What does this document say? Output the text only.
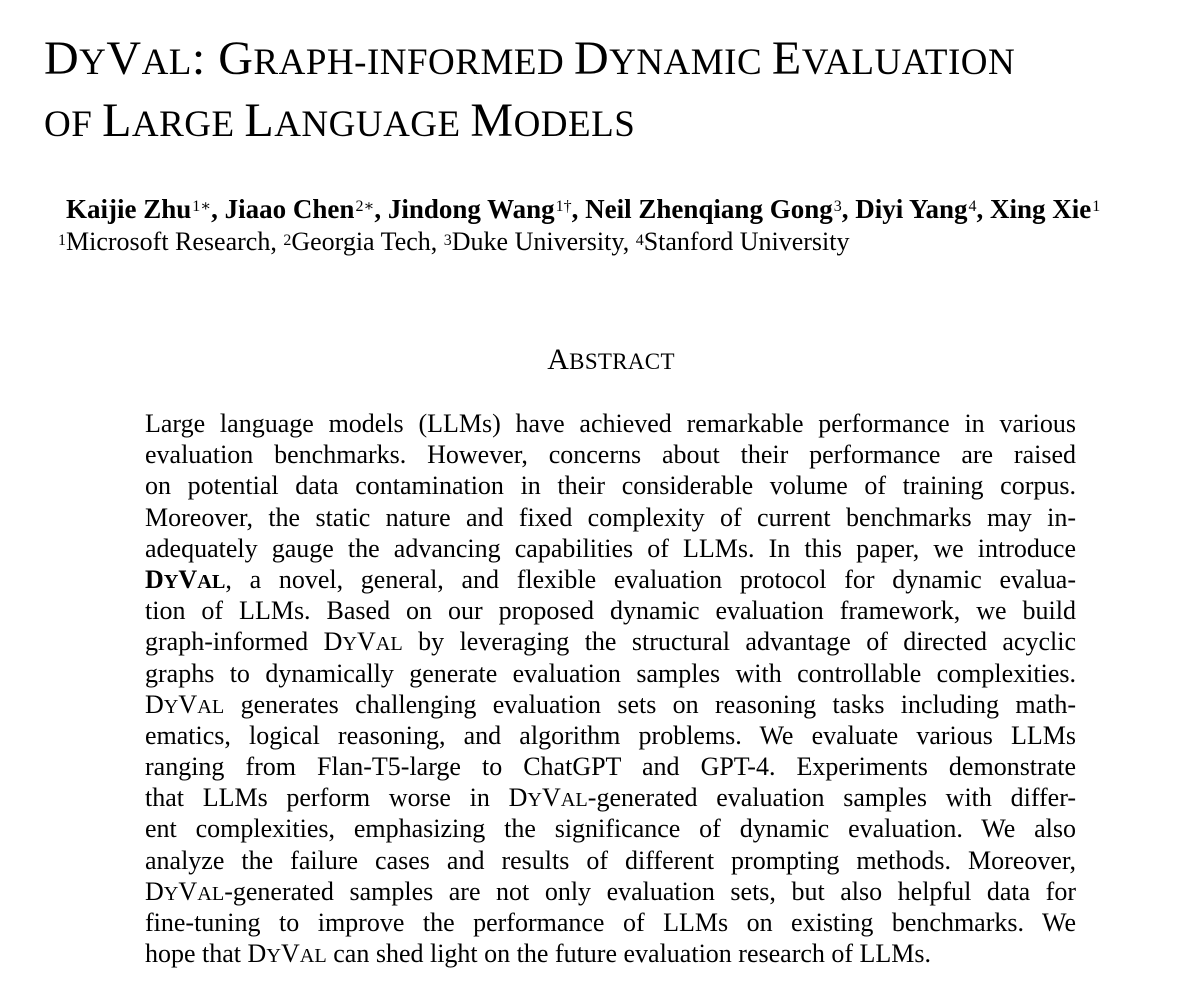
DYVAL: GRAPH-INFORMED DYNAMIC EVALUATION
OF LARGE LANGUAGE MODELS

Kaijie Zhu$^{1∗}$, Jiaao Chen$^{2∗}$, Jindong Wang$^{1\dagger}$, Neil Zhenqiang Gong$^3$, Diyi Yang$^4$, Xing Xie$^1$

$^1$Microsoft Research, $^2$Georgia Tech, $^3$Duke University, $^4$Stanford University

ABSTRACT
Large language models (LLMs) have achieved remarkable performance in various
evaluation benchmarks. However, concerns about their performance are raised
on potential data contamination in their considerable volume of training corpus.
Moreover, the static nature and fixed complexity of current benchmarks may in-
adequately gauge the advancing capabilities of LLMs. In this paper, we introduce
DYVAL, a novel, general, and flexible evaluation protocol for dynamic evalua-
tion of LLMs. Based on our proposed dynamic evaluation framework, we build
graph-informed DYVAL by leveraging the structural advantage of directed acyclic
graphs to dynamically generate evaluation samples with controllable complexities.
DYVAL generates challenging evaluation sets on reasoning tasks including math-
ematics, logical reasoning, and algorithm problems. We evaluate various LLMs
ranging from Flan-T5-large to ChatGPT and GPT-4. Experiments demonstrate
that LLMs perform worse in DYVAL-generated evaluation samples with differ-
ent complexities, emphasizing the significance of dynamic evaluation. We also
analyze the failure cases and results of different prompting methods. Moreover,
DYVAL-generated samples are not only evaluation sets, but also helpful data for
fine-tuning to improve the performance of LLMs on existing benchmarks. We
hope that DYVAL can shed light on the future evaluation research of LLMs.
